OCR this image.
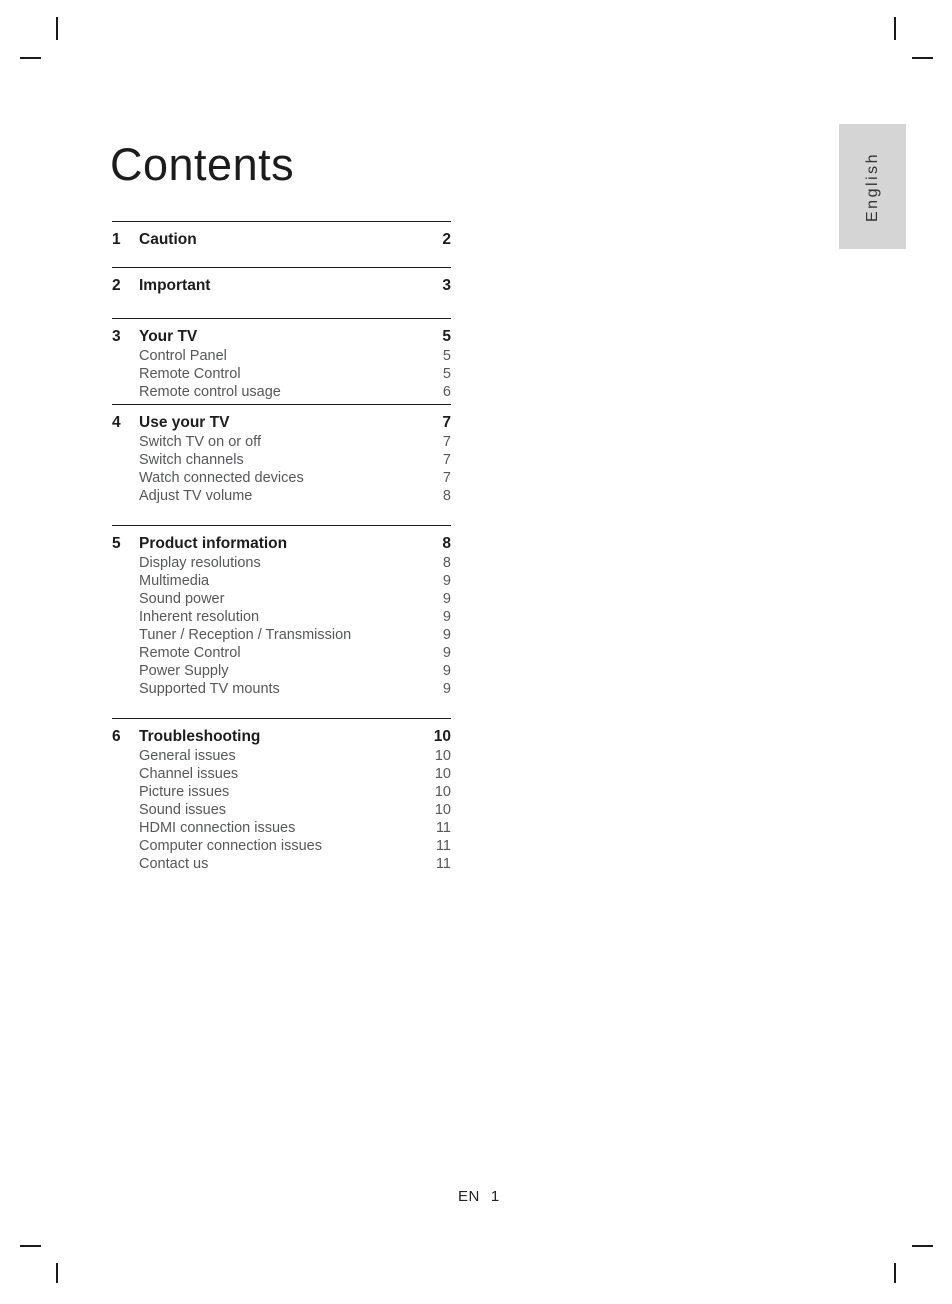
Contents	English
1	Caution	2
2	Important	3
3	Your TV	5
Control Panel	5
Remote Control	5
Remote control usage	6
4	Use your TV	7
Switch TV on or off	7
Switch channels	7
Watch connected devices	7
Adjust TV volume	8
5	Product information	8
Display resolutions	8
Multimedia	9
Sound power	9
Inherent resolution	9
Tuner / Reception / Transmission	9
Remote Control	9
Power Supply	9
Supported TV mounts	9
6	Troubleshooting	10
General issues	10
Channel issues	10
Picture issues	10
Sound issues	10
HDMI connection issues	11
Computer connection issues	11
Contact us	11
EN 1
